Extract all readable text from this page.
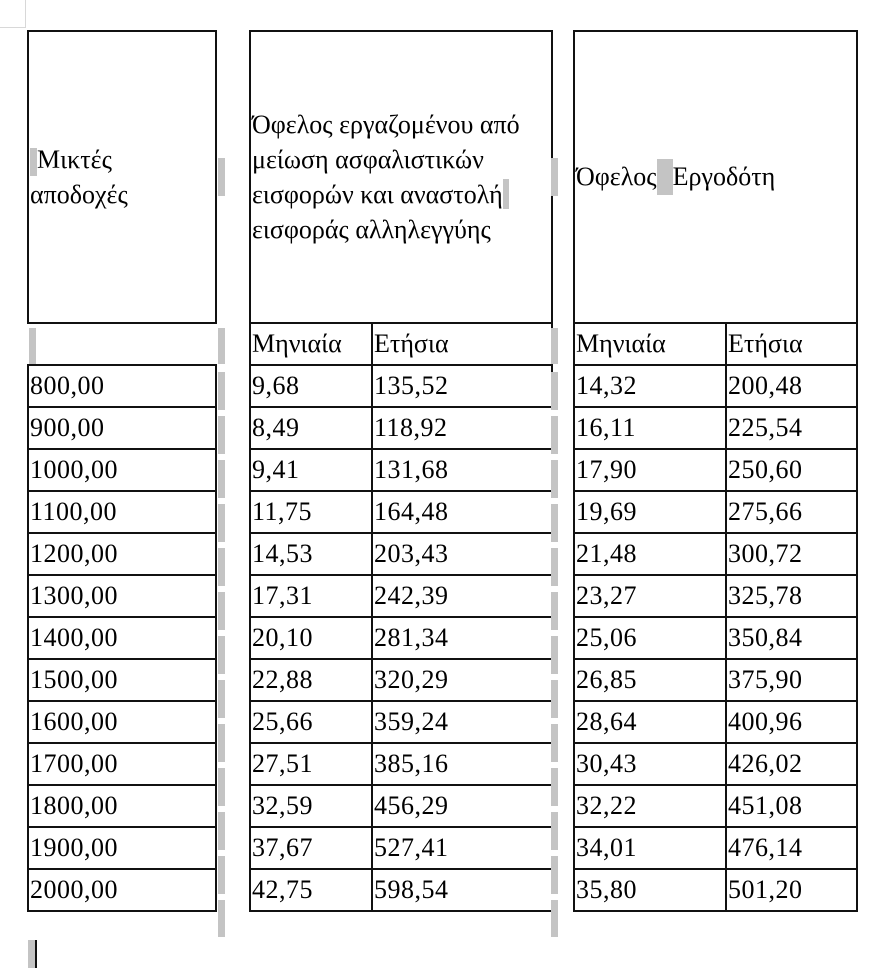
Μικτές αποδοχές

800,00
900,00
1000,00
1100,00
1200,00
1300,00
1400,00
1500,00
1600,00
1700,00
1800,00
1900,00
2000,00
Όφελος εργαζομένου από μείωση ασφαλιστικών εισφορών και αναστολήεισφοράς αλληλεγγύης	
Μηνιαία	Ετήσια
9,68	135,52
8,49	118,92
9,41	131,68
11,75	164,48
14,53	203,43
17,31	242,39
20,10	281,34
22,88	320,29
25,66	359,24
27,51	385,16
32,59	456,29
37,67	527,41
42,75	598,54
Όφελος Εργοδότη	
Μηνιαία	Ετήσια
14,32	200,48
16,11	225,54
17,90	250,60
19,69	275,66
21,48	300,72
23,27	325,78
25,06	350,84
26,85	375,90
28,64	400,96
30,43	426,02
32,22	451,08
34,01	476,14
35,80	501,20
